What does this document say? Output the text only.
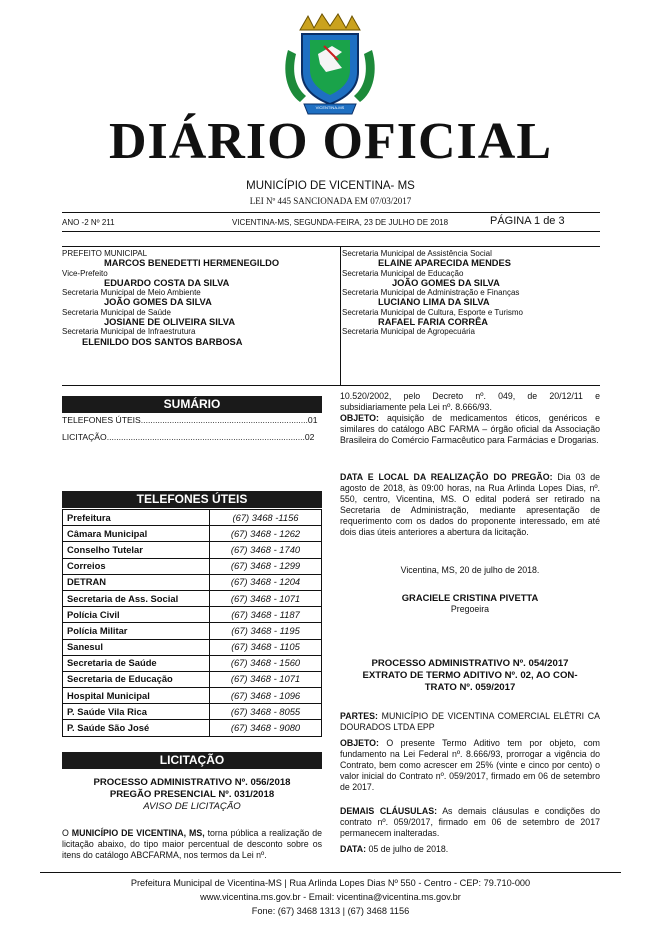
VICENTINA-MS
DIÁRIO OFICIAL
MUNICÍPIO DE VICENTINA- MS
LEI Nº 445 SANCIONADA EM 07/03/2017
ANO -2 Nº 211	VICENTINA-MS, SEGUNDA-FEIRA, 23 DE JULHO DE 2018	PÁGINA 1 de 3
PREFEITO MUNICIPAL
MARCOS BENEDETTI HERMENEGILDO
Vice-Prefeito
EDUARDO COSTA DA SILVA
Secretaria Municipal de Meio Ambiente
JOÃO GOMES DA SILVA
Secretaria Municipal de Saúde
JOSIANE DE OLIVEIRA SILVA
Secretaria Municipal de Infraestrutura
ELENILDO DOS SANTOS BARBOSA
Secretaria Municipal de Assistência Social
ELAINE APARECIDA MENDES
Secretaria Municipal de Educação
JOÃO GOMES DA SILVA
Secretaria Municipal de Administração e Finanças
LUCIANO LIMA DA SILVA
Secretaria Municipal de Cultura, Esporte e Turismo
RAFAEL FARIA CORRÊA
Secretaria Municipal de Agropecuária
SUMÁRIO
TELEFONES ÚTEIS......................................................................01
LICITAÇÃO...................................................................................02
TELEFONES ÚTEIS
Prefeitura	(67) 3468 -1156
Câmara Municipal	(67) 3468 - 1262
Conselho Tutelar	(67) 3468 - 1740
Correios	(67) 3468 - 1299
DETRAN	(67) 3468 - 1204
Secretaria de Ass. Social	(67) 3468 - 1071
Polícia Civil	(67) 3468 - 1187
Polícia Militar	(67) 3468 - 1195
Sanesul	(67) 3468 - 1105
Secretaria de Saúde	(67) 3468 - 1560
Secretaria de Educação	(67) 3468 - 1071
Hospital Municipal	(67) 3468 - 1096
P. Saúde Vila Rica	(67) 3468 - 8055
P. Saúde São José	(67) 3468 - 9080
LICITAÇÃO
PROCESSO ADMINISTRATIVO Nº. 056/2018
PREGÃO PRESENCIAL Nº. 031/2018
AVISO DE LICITAÇÃO
O MUNICÍPIO DE VICENTINA, MS, torna pública a realização de licitação abaixo, do tipo maior percentual de desconto sobre os itens do catálogo ABCFARMA, nos termos da Lei nº.
10.520/2002, pelo Decreto nº. 049, de 20/12/11 e subsidiariamente pela Lei nº. 8.666/93.
OBJETO: aquisição de medicamentos éticos, genéricos e similares do catálogo ABC FARMA – órgão oficial da Associação Brasileira do Comércio Farmacêutico para Farmácias e Drogarias.
DATA E LOCAL DA REALIZAÇÃO DO PREGÃO: Dia 03 de agosto de 2018, às 09:00 horas, na Rua Arlinda Lopes Dias, nº. 550, centro, Vicentina, MS. O edital poderá ser retirado na Secretaria de Administração, mediante apresentação de requerimento com os dados do proponente interessado, em até dois dias úteis anteriores a abertura da licitação.
Vicentina, MS, 20 de julho de 2018.
GRACIELE CRISTINA PIVETTA
Pregoeira
PROCESSO ADMINISTRATIVO Nº. 054/2017
EXTRATO DE TERMO ADITIVO Nº. 02, AO CON-
TRATO Nº. 059/2017
PARTES: MUNICÍPIO DE VICENTINA COMERCIAL ELÉTRI CA DOURADOS LTDA EPP
OBJETO: O presente Termo Aditivo tem por objeto, com fundamento na Lei Federal nº. 8.666/93, prorrogar a vigência do Contrato, bem como acrescer em 25% (vinte e cinco por cento) o valor inicial do Contrato nº. 059/2017, firmado em 06 de setembro de 2017.
DEMAIS CLÁUSULAS: As demais cláusulas e condições do contrato nº. 059/2017, firmado em 06 de setembro de 2017 permanecem inalteradas.
DATA: 05 de julho de 2018.
Prefeitura Municipal de Vicentina-MS | Rua Arlinda Lopes Dias Nº 550 - Centro - CEP: 79.710-000
www.vicentina.ms.gov.br - Email: vicentina@vicentina.ms.gov.br
Fone: (67) 3468 1313 | (67) 3468 1156
